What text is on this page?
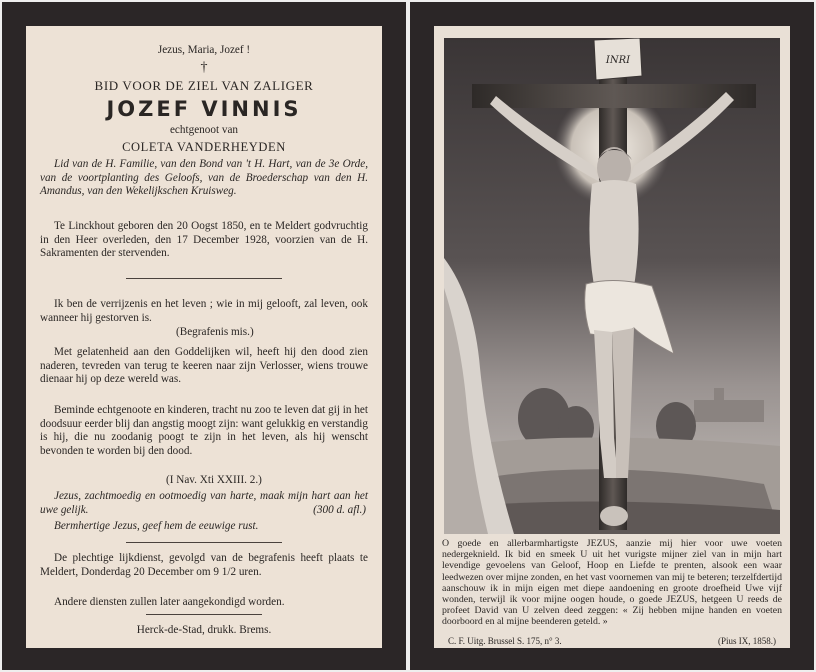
Jezus, Maria, Jozef !
†
BID VOOR DE ZIEL VAN ZALIGER
JOZEF VINNIS
echtgenoot van
COLETA VANDERHEYDEN
Lid van de H. Familie, van den Bond van 't H. Hart, van de 3e Orde, van de voortplanting des Geloofs, van de Broederschap van den H. Amandus, van den Wekelijkschen Kruisweg.
Te Linckhout geboren den 20 Oogst 1850, en te Meldert godvruchtig in den Heer overleden, den 17 December 1928, voorzien van de H. Sakramenten der stervenden.
Ik ben de verrijzenis en het leven ; wie in mij gelooft, zal leven, ook wanneer hij gestorven is.
(Begrafenis mis.)
Met gelatenheid aan den Goddelijken wil, heeft hij den dood zien naderen, tevreden van terug te keeren naar zijn Verlosser, wiens trouwe dienaar hij op deze wereld was.
Beminde echtgenoote en kinderen, tracht nu zoo te leven dat gij in het doodsuur eerder blij dan angstig moogt zijn: want gelukkig en verstandig is hij, die nu zoodanig poogt te zijn in het leven, als hij wenscht bevonden te worden bij den dood.
(I Nav. Xti XXIII. 2.)
Jezus, zachtmoedig en ootmoedig van harte, maak mijn hart aan het uwe gelijk.	(300 d. afl.)
Bermhertige Jezus, geef hem de eeuwige rust.
De plechtige lijkdienst, gevolgd van de begrafenis heeft plaats te Meldert, Donderdag 20 December om 9 1/2 uren.
Andere diensten zullen later aangekondigd worden.
Herck-de-Stad, drukk. Brems.
INRI
O goede en allerbarmhartigste JEZUS, aanzie mij hier voor uwe voeten nedergeknield. Ik bid en smeek U uit het vurigste mijner ziel van in mijn hart levendige gevoelens van Geloof, Hoop en Liefde te prenten, alsook een waar leedwezen over mijne zonden, en het vast voornemen van mij te beteren; terzelfdertijd aanschouw ik in mijn eigen met diepe aandoening en groote droefheid Uwe vijf wonden, terwijl ik voor mijne oogen houde, o goede JEZUS, hetgeen U reeds de profeet David van U zelven deed zeggen: « Zij hebben mijne handen en voeten doorboord en al mijne beenderen geteld. »
C. F. Uitg. Brussel S. 175, n° 3.	(Pius IX, 1858.)
